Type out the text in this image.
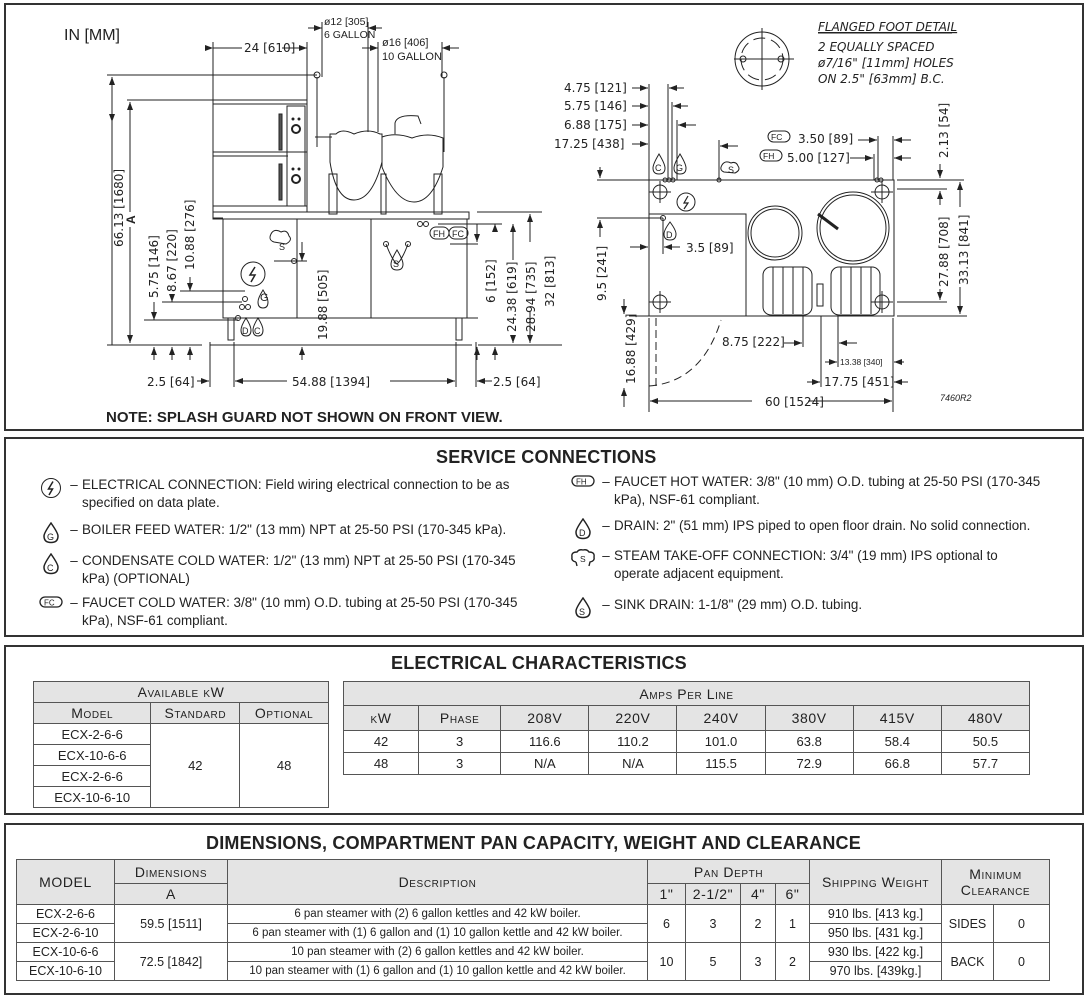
IN [MM]
G
D C
S
S
FH FC
24 [610]
ø12 [305]
6 GALLON
ø16 [406]
10 GALLON
66.13 [1680]
A
5.75 [146] 8.67 [220] 10.88 [276]
19.88 [505]	6 [152] 24.38 [619] 28.94 [735] 32 [813]
2.5 [64]	54.88 [1394]	2.5 [64]
NOTE: SPLASH GUARD NOT SHOWN ON FRONT VIEW.
FLANGED FOOT DETAIL
2 EQUALLY SPACED
ø7/16" [11mm] HOLES
ON 2.5" [63mm] B.C.
D
C G	S
4.75 [121]
5.75 [146]
6.88 [175]
17.25 [438]	FC 3.50 [89]
FH 5.00 [127]	2.13 [54]
27.88 [708] 33.13 [841]
9.5 [241]	3.5 [89]
16.88 [429]	8.75 [222]
13.38 [340]
17.75 [451]
60 [1524]	7460R2
SERVICE CONNECTIONS
– ELECTRICAL CONNECTION: Field wiring electrical connection to be as specified on data plate.
G	– BOILER FEED WATER: 1/2" (13 mm) NPT at 25-50 PSI (170-345 kPa).
C	– CONDENSATE COLD WATER: 1/2" (13 mm) NPT at 25-50 PSI (170-345 kPa) (OPTIONAL)
FC	– FAUCET COLD WATER: 3/8" (10 mm) O.D. tubing at 25-50 PSI (170-345 kPa), NSF-61 compliant.
FH	– FAUCET HOT WATER: 3/8" (10 mm) O.D. tubing at 25-50 PSI (170-345 kPa), NSF-61 compliant.
D	– DRAIN: 2" (51 mm) IPS piped to open floor drain. No solid connection.
S	– STEAM TAKE-OFF CONNECTION: 3/4" (19 mm) IPS optional to operate adjacent equipment.
S	– SINK DRAIN: 1-1/8" (29 mm) O.D. tubing.
ELECTRICAL CHARACTERISTICS
Available kW		
Model	Standard	Optional
ECX-2-6-6	42	48
ECX-10-6-6		
ECX-2-6-6		
ECX-10-6-10		
Amps Per Line							
kW	Phase	208V	220V	240V	380V	415V	480V
42	3	116.6	110.2	101.0	63.8	58.4	50.5
48	3	N/A	N/A	115.5	72.9	66.8	57.7
DIMENSIONS, COMPARTMENT PAN CAPACITY, WEIGHT AND CLEARANCE
MODEL	Dimensions	Description	Pan Depth				Shipping Weight	Minimum Clearance	
	A		1"	2-1/2"	4"	6"			
ECX-2-6-6	59.5 [1511]	6 pan steamer with (2) 6 gallon kettles and 42 kW boiler.	6	3	2	1	910 lbs. [413 kg.]	SIDES	0
ECX-2-6-10		6 pan steamer with (1) 6 gallon and (1) 10 gallon kettle and 42 kW boiler.					950 lbs. [431 kg.]		
ECX-10-6-6	72.5 [1842]	10 pan steamer with (2) 6 gallon kettles and 42 kW boiler.	10	5	3	2	930 lbs. [422 kg.]	BACK	0
ECX-10-6-10		10 pan steamer with (1) 6 gallon and (1) 10 gallon kettle and 42 kW boiler.					970 lbs. [439kg.]		
